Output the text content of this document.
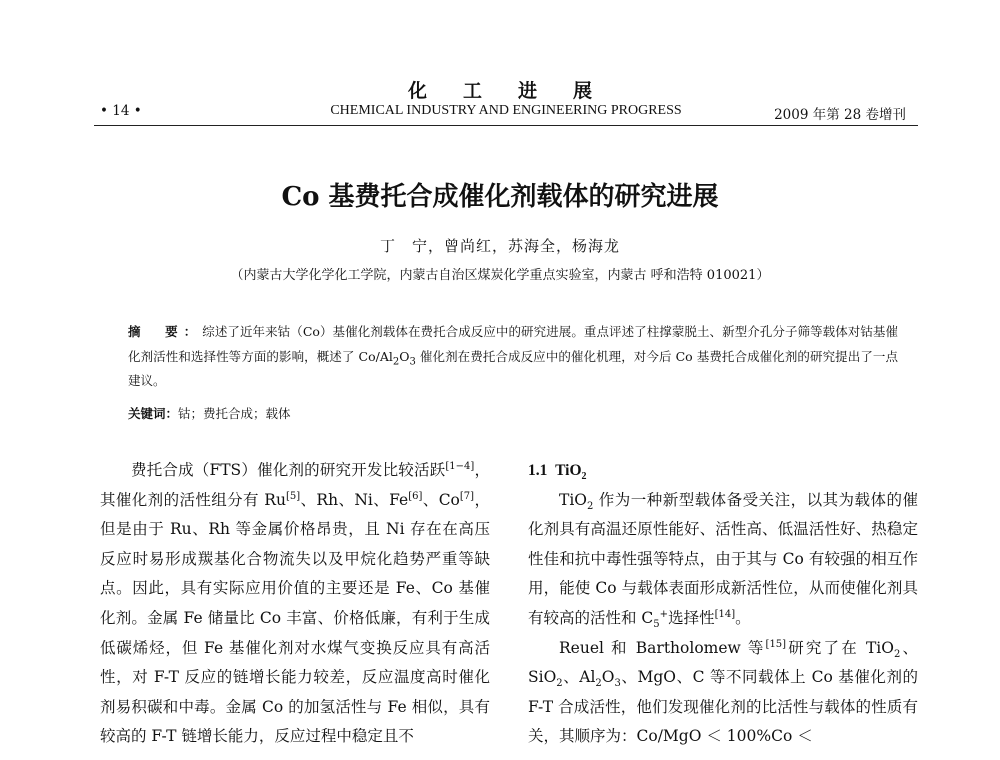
化工进展
CHEMICAL INDUSTRY AND ENGINEERING PROGRESS
• 14 •	2009 年第 28 卷增刊
Co 基费托合成催化剂载体的研究进展
丁　宁，曾尚红，苏海全，杨海龙
（内蒙古大学化学化工学院，内蒙古自治区煤炭化学重点实验室，内蒙古 呼和浩特 010021）
摘　要：综述了近年来钴（Co）基催化剂载体在费托合成反应中的研究进展。重点评述了柱撑蒙脱土、新型介孔分子筛等载体对钴基催化剂活性和选择性等方面的影响，概述了 $Co/Al_2O_3$ 催化剂在费托合成反应中的催化机理，对今后 Co 基费托合成催化剂的研究提出了一点建议。
关键词：钴；费托合成；载体

费托合成（FTS）催化剂的研究开发比较活跃[1−4]，其催化剂的活性组分有 Ru[5]、Rh、Ni、Fe[6]、Co[7]，但是由于 Ru、Rh 等金属价格昂贵，且 Ni 存在在高压反应时易形成羰基化合物流失以及甲烷化趋势严重等缺点。因此，具有实际应用价值的主要还是 Fe、Co 基催化剂。金属 Fe 储量比 Co 丰富、价格低廉，有利于生成低碳烯烃，但 Fe 基催化剂对水煤气变换反应具有高活性，对 F-T 反应的链增长能力较差，反应温度高时催化剂易积碳和中毒。金属 Co 的加氢活性与 Fe 相似，具有较高的 F-T 链增长能力，反应过程中稳定且不

1.1 TiO$_2$

TiO$_2$ 作为一种新型载体备受关注，以其为载体的催化剂具有高温还原性能好、活性高、低温活性好、热稳定性佳和抗中毒性强等特点，由于其与 Co 有较强的相互作用，能使 Co 与载体表面形成新活性位，从而使催化剂具有较高的活性和 $C_5^+$选择性[14]。

Reuel 和 Bartholomew 等[15]研究了在 TiO$_2$、SiO$_2$、$Al_2O_3$、MgO、C 等不同载体上 Co 基催化剂的 F-T 合成活性，他们发现催化剂的比活性与载体的性质有关，其顺序为：Co/MgO ＜ 100%Co ＜
